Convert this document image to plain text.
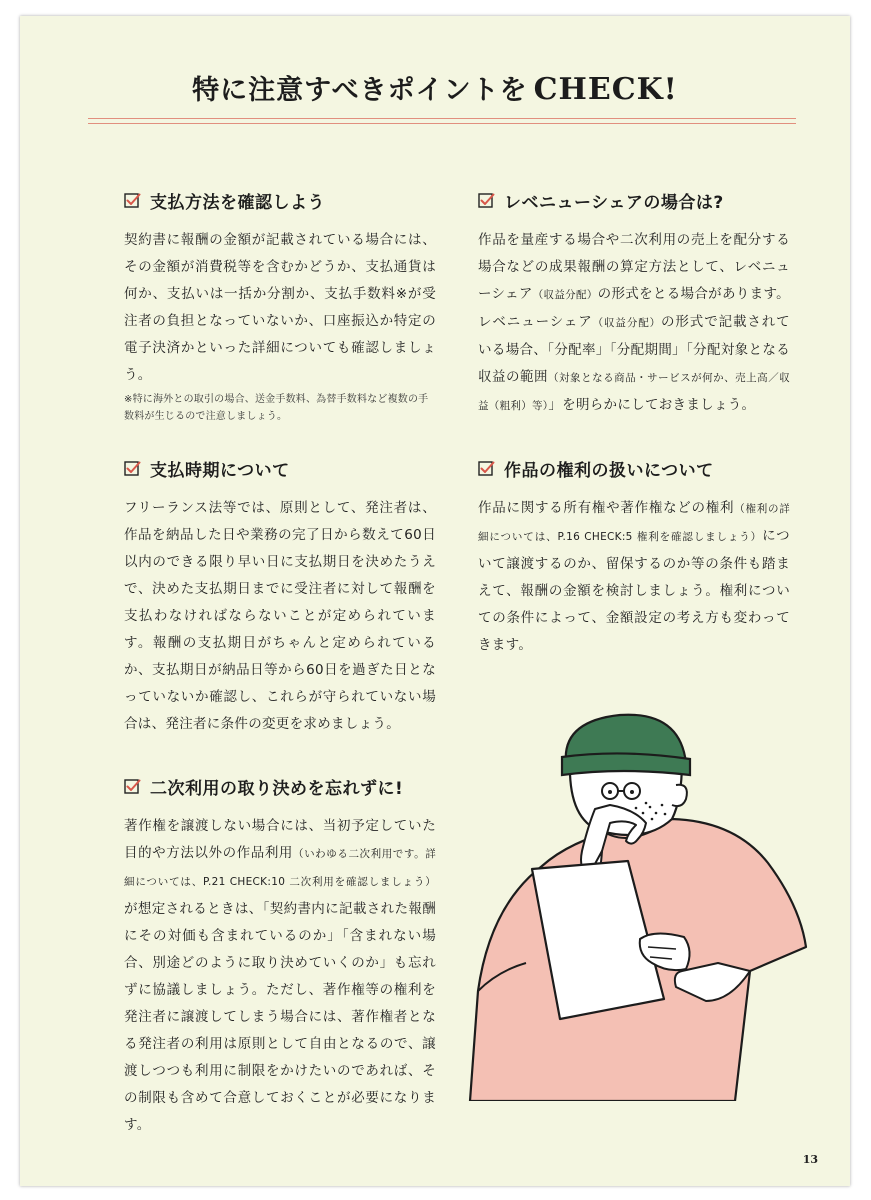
特に注意すべきポイントを CHECK!
支払方法を確認しよう
契約書に報酬の金額が記載されている場合には、その金額が消費税等を含むかどうか、支払通貨は何か、支払いは一括か分割か、支払手数料※が受注者の負担となっていないか、口座振込か特定の電子決済かといった詳細についても確認しましょう。
※特に海外との取引の場合、送金手数料、為替手数料など複数の手数料が生じるので注意しましょう。
レベニューシェアの場合は?
作品を量産する場合や二次利用の売上を配分する場合などの成果報酬の算定方法として、レベニューシェア（収益分配）の形式をとる場合があります。レベニューシェア（収益分配）の形式で記載されている場合、「分配率」「分配期間」「分配対象となる収益の範囲（対象となる商品・サービスが何か、売上高／収益（粗利）等）」を明らかにしておきましょう。
支払時期について
フリーランス法等では、原則として、発注者は、作品を納品した日や業務の完了日から数えて60日以内のできる限り早い日に支払期日を決めたうえで、決めた支払期日までに受注者に対して報酬を支払わなければならないことが定められています。報酬の支払期日がちゃんと定められているか、支払期日が納品日等から60日を過ぎた日となっていないか確認し、これらが守られていない場合は、発注者に条件の変更を求めましょう。
作品の権利の扱いについて
作品に関する所有権や著作権などの権利（権利の詳細については、P.16 CHECK:5 権利を確認しましょう）について譲渡するのか、留保するのか等の条件も踏まえて、報酬の金額を検討しましょう。権利についての条件によって、金額設定の考え方も変わってきます。
二次利用の取り決めを忘れずに!
著作権を譲渡しない場合には、当初予定していた目的や方法以外の作品利用（いわゆる二次利用です。詳細については、P.21 CHECK:10 二次利用を確認しましょう）が想定されるときは、「契約書内に記載された報酬にその対価も含まれているのか」「含まれない場合、別途どのように取り決めていくのか」も忘れずに協議しましょう。ただし、著作権等の権利を発注者に譲渡してしまう場合には、著作権者となる発注者の利用は原則として自由となるので、譲渡しつつも利用に制限をかけたいのであれば、その制限も含めて合意しておくことが必要になります。
13
